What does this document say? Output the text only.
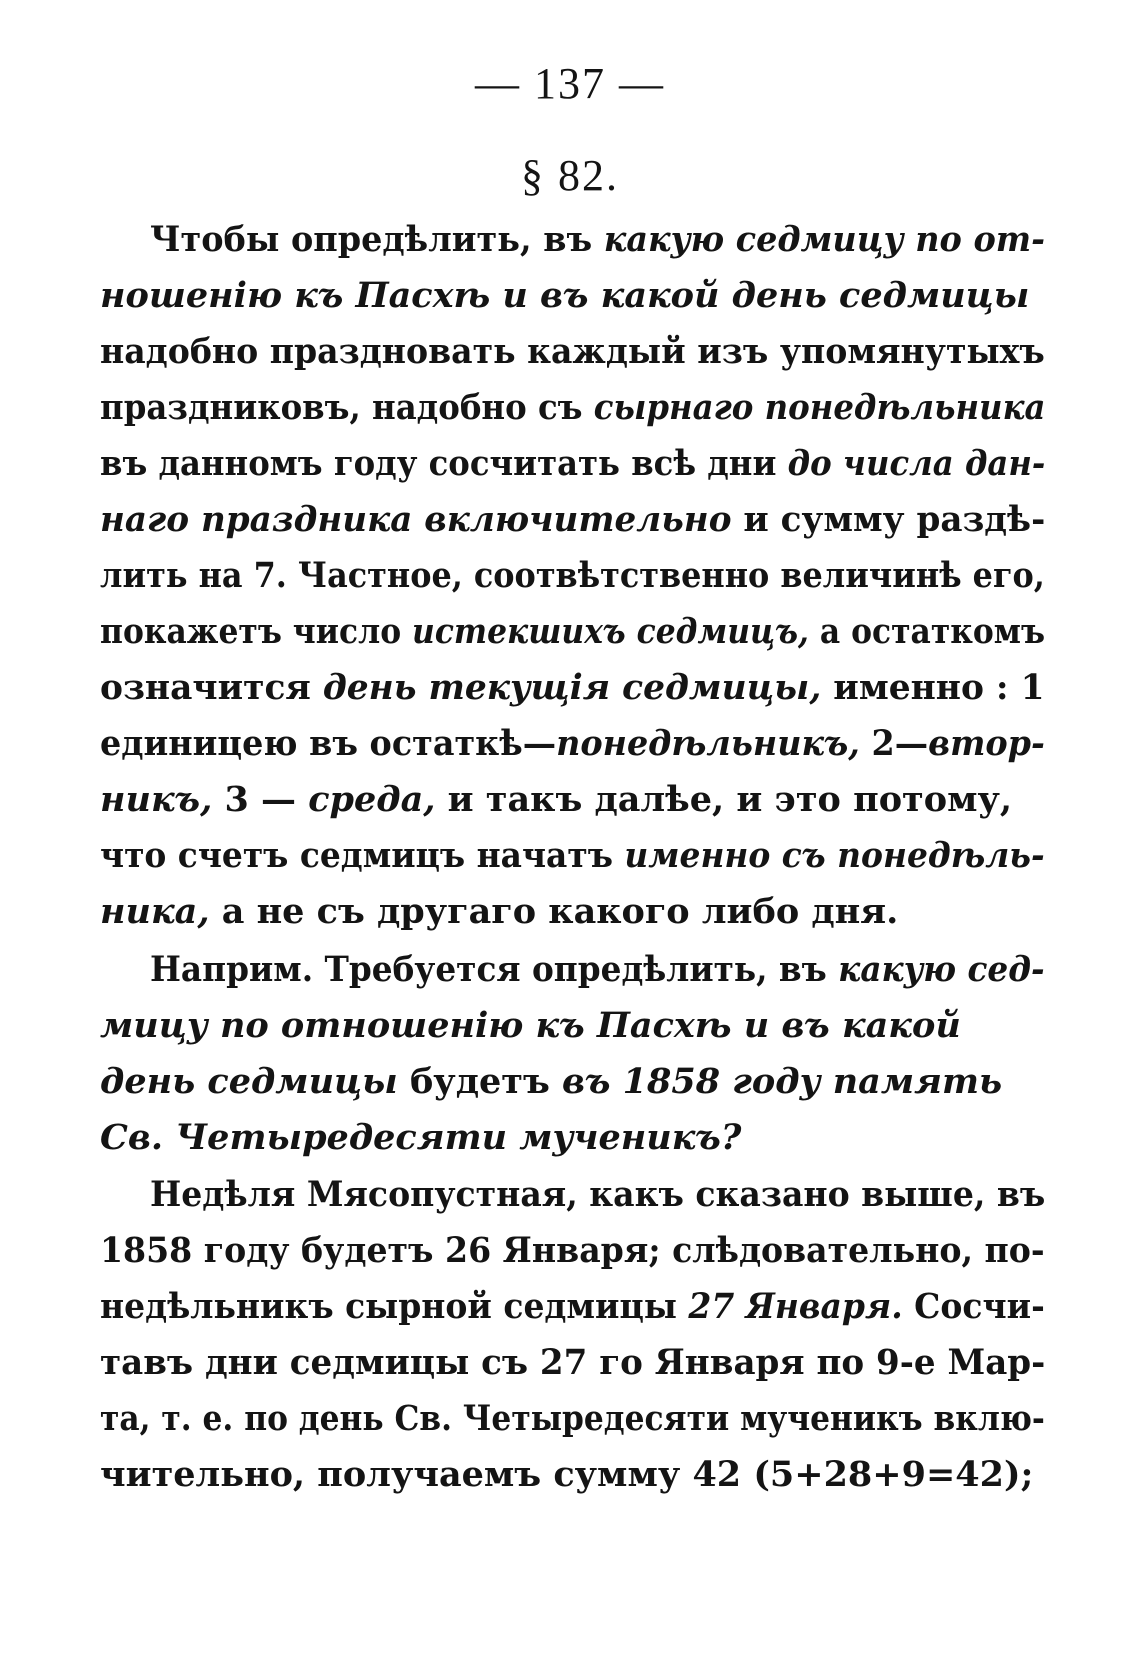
— 137 —
§ 82.
Чтобы опредѣлить, въ какую седмицу по от-
ношенію къ Пасхѣ и въ какой день седмицы
надобно праздновать каждый изъ упомянутыхъ
праздниковъ, надобно съ сырнаго понедѣльника
въ данномъ году сосчитать всѣ дни до числа дан-
наго праздника включительно и сумму раздѣ-
лить на 7. Частное, соотвѣтственно величинѣ его,
покажетъ число истекшихъ седмицъ, а остаткомъ
означится день текущія седмицы, именно : 1
единицею въ остаткѣ—понедѣльникъ, 2—втор-
никъ, 3 — среда, и такъ далѣе, и это потому,
что счетъ седмицъ начатъ именно съ понедѣль-
ника, а не съ другаго какого либо дня.
Наприм. Требуется опредѣлить, въ какую сед-
мицу по отношенію къ Пасхѣ и въ какой
день седмицы будетъ въ 1858 году память
Св. Четыредесяти мученикъ?
Недѣля Мясопустная, какъ сказано выше, въ
1858 году будетъ 26 Января; слѣдовательно, по-
недѣльникъ сырной седмицы 27 Января. Сосчи-
тавъ дни седмицы съ 27 го Января по 9-е Мар-
та, т. е. по день Св. Четыредесяти мученикъ вклю-
чительно, получаемъ сумму 42 (5+28+9=42);
